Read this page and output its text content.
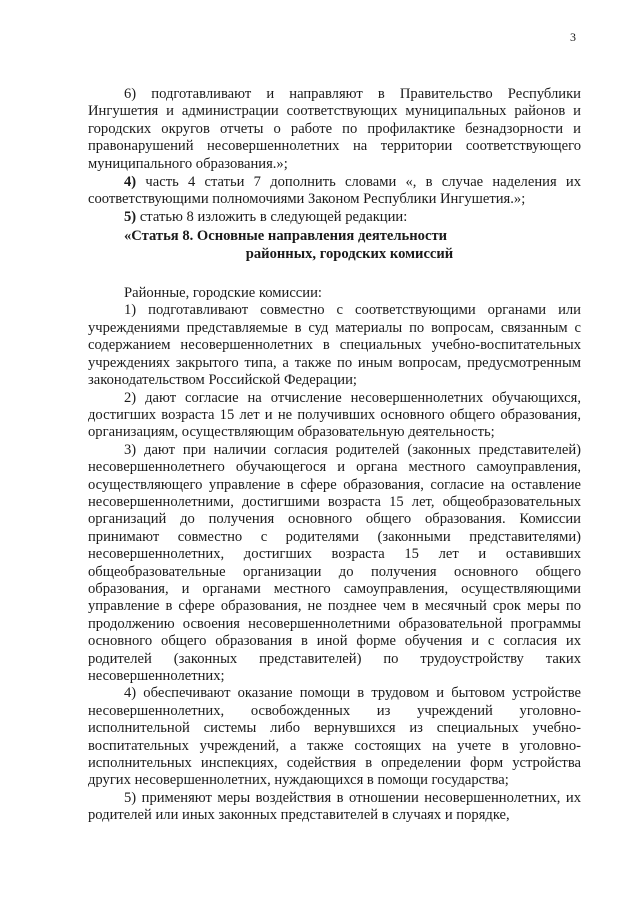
3

6) подготавливают и направляют в Правительство Республики Ингушетия и администрации соответствующих муниципальных районов и городских округов отчеты о работе по профилактике безнадзорности и правонарушений несовершеннолетних на территории соответствующего муниципального образования.»;

4) часть 4 статьи 7 дополнить словами «, в случае наделения их соответствующими полномочиями Законом Республики Ингушетия.»;

5) статью 8 изложить в следующей редакции:

«Статья 8. Основные направления деятельности
районных, городских комиссий

Районные, городские комиссии:

1) подготавливают совместно с соответствующими органами или учреждениями представляемые в суд материалы по вопросам, связанным с содержанием несовершеннолетних в специальных учебно-воспитательных учреждениях закрытого типа, а также по иным вопросам, предусмотренным законодательством Российской Федерации;

2) дают согласие на отчисление несовершеннолетних обучающихся, достигших возраста 15 лет и не получивших основного общего образования, организациям, осуществляющим образовательную деятельность;

3) дают при наличии согласия родителей (законных представителей) несовершеннолетнего обучающегося и органа местного самоуправления, осуществляющего управление в сфере образования, согласие на оставление несовершеннолетними, достигшими возраста 15 лет, общеобразовательных организаций до получения основного общего образования. Комиссии принимают совместно с родителями (законными представителями) несовершеннолетних, достигших возраста 15 лет и оставивших общеобразовательные организации до получения основного общего образования, и органами местного самоуправления, осуществляющими управление в сфере образования, не позднее чем в месячный срок меры по продолжению освоения несовершеннолетними образовательной программы основного общего образования в иной форме обучения и с согласия их родителей (законных представителей) по трудоустройству таких несовершеннолетних;

4) обеспечивают оказание помощи в трудовом и бытовом устройстве несовершеннолетних, освобожденных из учреждений уголовно-исполнительной системы либо вернувшихся из специальных учебно-воспитательных учреждений, а также состоящих на учете в уголовно-исполнительных инспекциях, содействия в определении форм устройства других несовершеннолетних, нуждающихся в помощи государства;

5) применяют меры воздействия в отношении несовершеннолетних, их родителей или иных законных представителей в случаях и порядке,
